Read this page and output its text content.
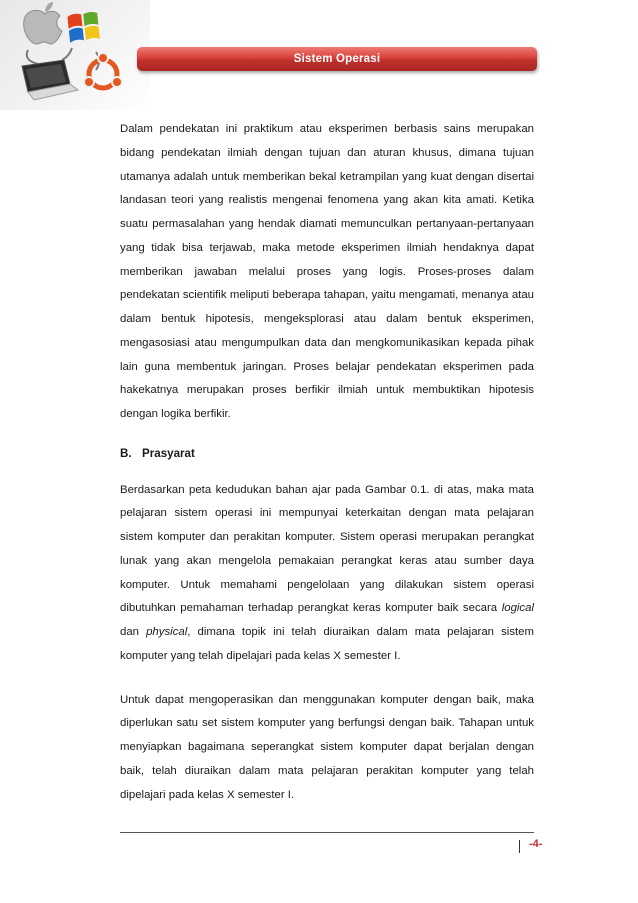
Sistem Operasi

Dalam pendekatan ini praktikum atau eksperimen berbasis sains merupakan bidang pendekatan ilmiah dengan tujuan dan aturan khusus, dimana tujuan utamanya adalah untuk memberikan bekal ketrampilan yang kuat dengan disertai landasan teori yang realistis mengenai fenomena yang akan kita amati. Ketika suatu permasalahan yang hendak diamati memunculkan pertanyaan-pertanyaan yang tidak bisa terjawab, maka metode eksperimen ilmiah hendaknya dapat memberikan jawaban melalui proses yang logis. Proses-proses dalam pendekatan scientifik meliputi beberapa tahapan, yaitu mengamati, menanya atau dalam bentuk hipotesis, mengeksplorasi atau dalam bentuk eksperimen, mengasosiasi atau mengumpulkan data dan mengkomunikasikan kepada pihak lain guna membentuk jaringan. Proses belajar pendekatan eksperimen pada hakekatnya merupakan proses berfikir ilmiah untuk membuktikan hipotesis dengan logika berfikir.

B. Prasyarat

Berdasarkan peta kedudukan bahan ajar pada Gambar 0.1. di atas, maka mata pelajaran sistem operasi ini mempunyai keterkaitan dengan mata pelajaran sistem komputer dan perakitan komputer. Sistem operasi merupakan perangkat lunak yang akan mengelola pemakaian perangkat keras atau sumber daya komputer. Untuk memahami pengelolaan yang dilakukan sistem operasi dibutuhkan pemahaman terhadap perangkat keras komputer baik secara logical dan physical, dimana topik ini telah diuraikan dalam mata pelajaran sistem komputer yang telah dipelajari pada kelas X semester I.

Untuk dapat mengoperasikan dan menggunakan komputer dengan baik, maka diperlukan satu set sistem komputer yang berfungsi dengan baik. Tahapan untuk menyiapkan bagaimana seperangkat sistem komputer dapat berjalan dengan baik, telah diuraikan dalam mata pelajaran perakitan komputer yang telah dipelajari pada kelas X semester I.

-4-
